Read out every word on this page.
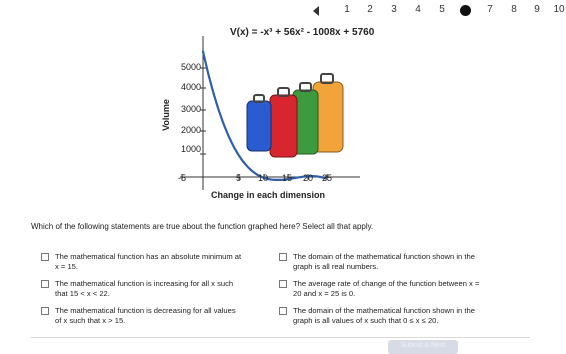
1	2	3	4	5	6	7	8	9	10
V(x) = -x³ + 56x² - 1008x + 5760
1000
2000
3000
4000
5000
-5	5 10 15 20 25
Volume
Change in each dimension
Which of the following statements are true about the function graphed here? Select all that apply.
The mathematical function has an absolute minimum at
x = 15.
The mathematical function is increasing for all x such
that 15 < x < 22.
The mathematical function is decreasing for all values
of x such that x > 15.
The domain of the mathematical function shown in the
graph is all real numbers.
The average rate of change of the function between x =
20 and x = 25 is 0.
The domain of the mathematical function shown in the
graph is all values of x such that 0 ≤ x ≤ 20.
Submit & Next
